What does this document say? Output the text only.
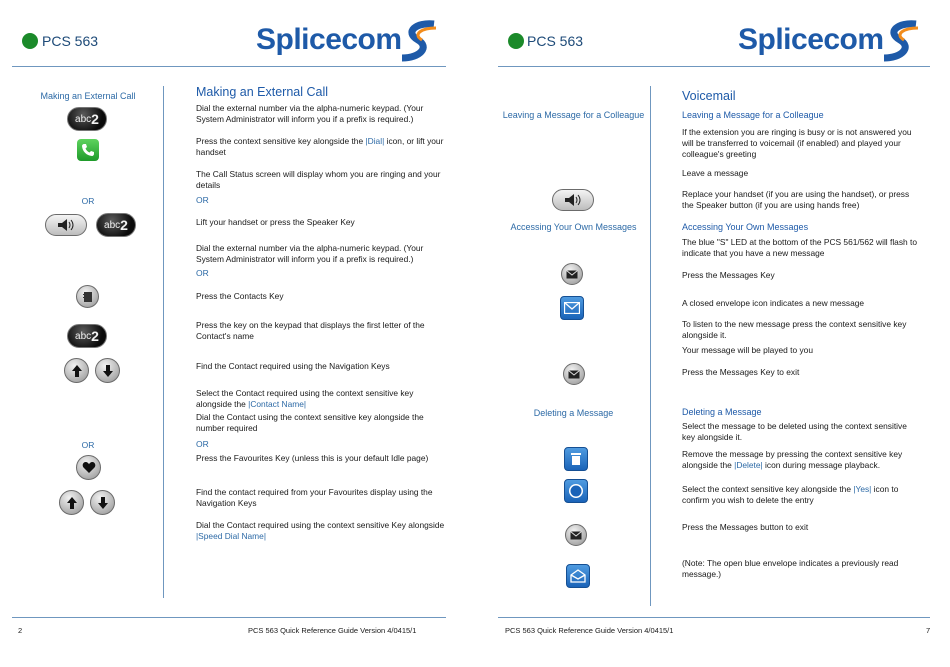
PCS 563	Splicecom
Making an External Call
abc 2
OR
abc 2
abc 2
OR
Making an External Call
Dial the external number via the alpha-numeric keypad. (Your System Administrator will inform you if a prefix is required.)
Press the context sensitive key alongside the |Dial| icon, or lift your handset
The Call Status screen will display whom you are ringing and your details
OR
Lift your handset or press the Speaker Key
Dial the external number via the alpha-numeric keypad. (Your System Administrator will inform you if a prefix is required.)
OR
Press the Contacts Key
Press the key on the keypad that displays the first letter of the Contact's name
Find the Contact required using the Navigation Keys
Select the Contact required using the context sensitive key alongside the |Contact Name|
Dial the Contact using the context sensitive key alongside the number required
OR
Press the Favourites Key (unless this is your default Idle page)
Find the contact required from your Favourites display using the Navigation Keys
Dial the Contact required using the context sensitive Key alongside |Speed Dial Name|
2	PCS 563 Quick Reference Guide Version 4/0415/1
PCS 563	Splicecom
Leaving a Message for a Colleague
Accessing Your Own Messages
Deleting a Message
Voicemail
Leaving a Message for a Colleague
If the extension you are ringing is busy or is not answered you will be transferred to voicemail (if enabled) and played your colleague's greeting
Leave a message
Replace your handset (if you are using the handset), or press the Speaker button (if you are using hands free)
Accessing Your Own Messages
The blue "S" LED at the bottom of the PCS 561/562 will flash to indicate that you have a new message
Press the Messages Key
A closed envelope icon indicates a new message
To listen to the new message press the context sensitive key alongside it.
Your message will be played to you
Press the Messages Key to exit
Deleting a Message
Select the message to be deleted using the context sensitive key alongside it.
Remove the message by pressing the context sensitive key alongside the |Delete| icon during message playback.
Select the context sensitive key alongside the |Yes| icon to confirm you wish to delete the entry
Press the Messages button to exit
(Note: The open blue envelope indicates a previously read message.)
PCS 563 Quick Reference Guide Version 4/0415/1	7
